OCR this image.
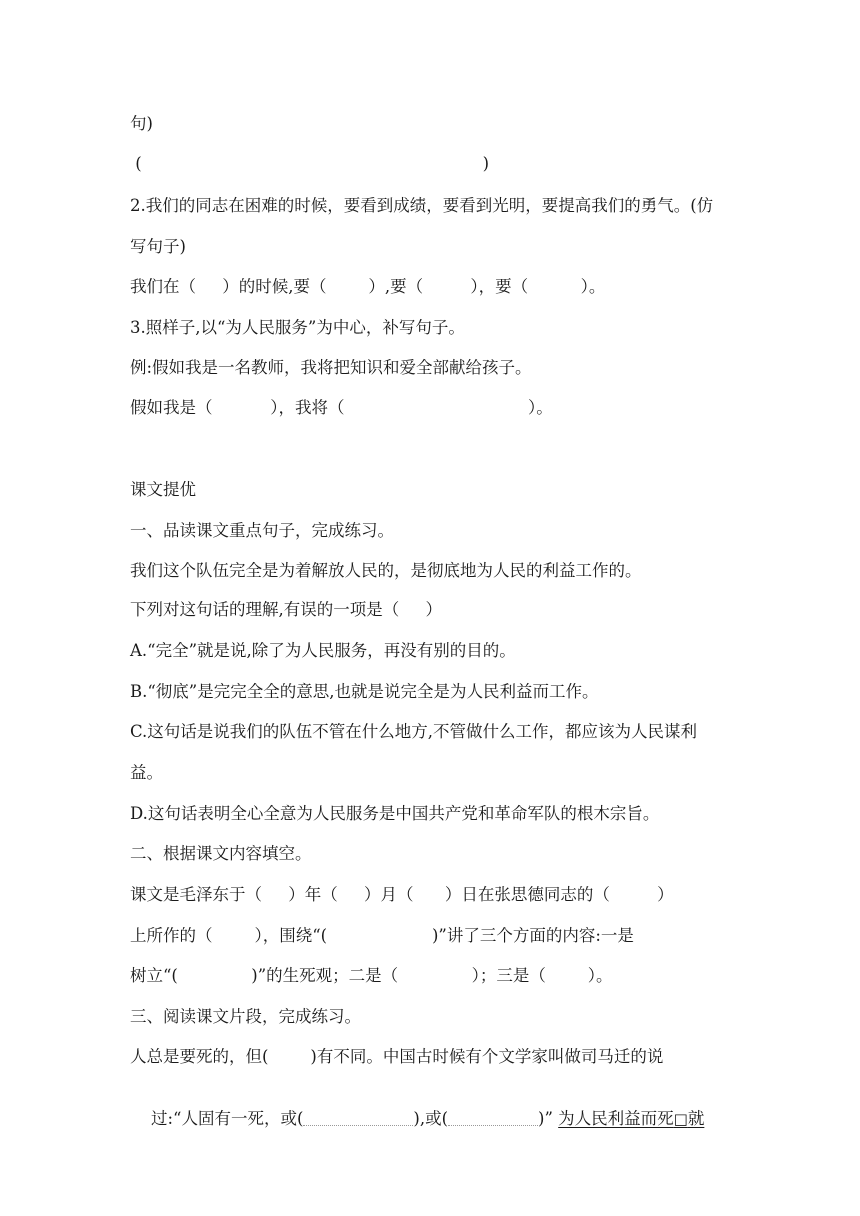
句)
(                                                                 )
2.我们的同志在困难的时候，要看到成绩，要看到光明，要提高我们的勇气。(仿
写句子)
我们在（     ）的时候,要（        ）,要（         ），要（          ）。
3.照样子,以“为人民服务”为中心，补写句子。
例:假如我是一名教师，我将把知识和爱全部献给孩子。
假如我是（           ），我将（                                   ）。
课文提优
一、品读课文重点句子，完成练习。
我们这个队伍完全是为着解放人民的，是彻底地为人民的利益工作的。
下列对这句话的理解,有误的一项是（     ）
A.“完全”就是说,除了为人民服务，再没有别的目的。
B.“彻底”是完完全全的意思,也就是说完全是为人民利益而工作。
C.这句话是说我们的队伍不管在什么地方,不管做什么工作，都应该为人民谋利
益。
D.这句话表明全心全意为人民服务是中国共产党和革命军队的根木宗旨。
二、根据课文内容填空。
课文是毛泽东于（     ）年（     ）月（      ）日在张思德同志的（         ）
上所作的（        ），围绕“(                    )”讲了三个方面的内容:一是
树立“(              )”的生死观；二是（              ）；三是（        ）。
三、阅读课文片段，完成练习。
人总是要死的，但(        )有不同。中国古时候有个文学家叫做司马迁的说

过:“人固有一死，或(	),或(	)” 为人民利益而死□就
